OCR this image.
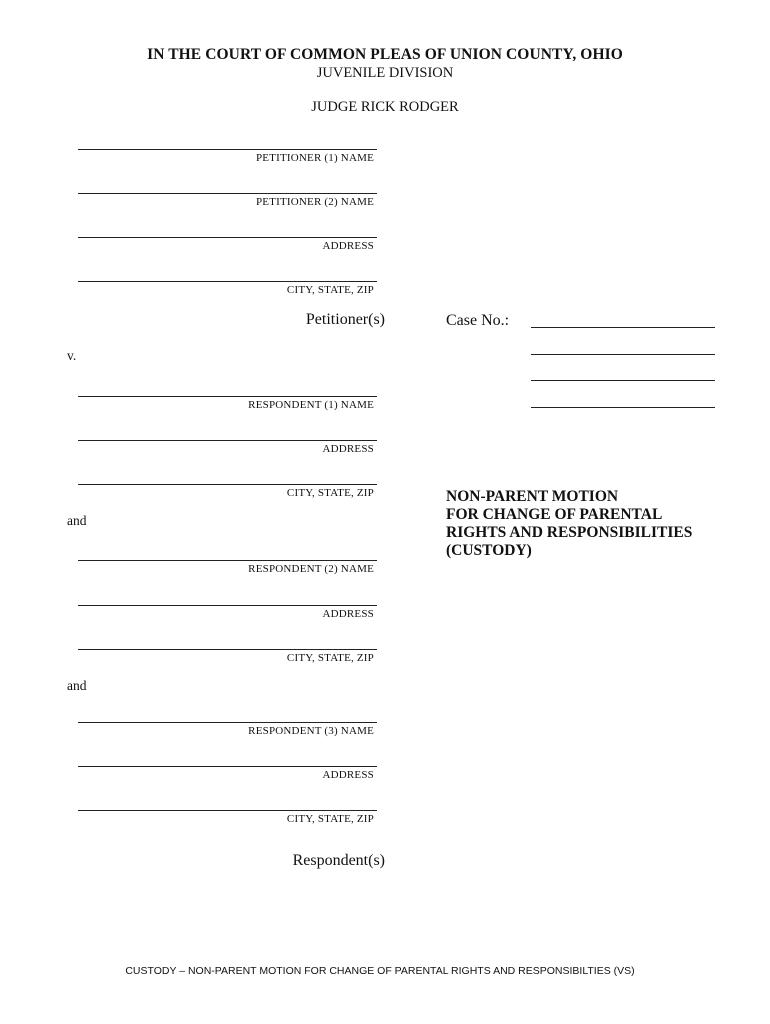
IN THE COURT OF COMMON PLEAS OF UNION COUNTY, OHIO
JUVENILE DIVISION
JUDGE RICK RODGER
PETITIONER (1) NAME
PETITIONER (2) NAME
ADDRESS
CITY, STATE, ZIP
Petitioner(s)	Case No.:
v.
RESPONDENT (1) NAME
ADDRESS
CITY, STATE, ZIP
and
NON-PARENT MOTION
FOR CHANGE OF PARENTAL
RIGHTS AND RESPONSIBILITIES
(CUSTODY)
RESPONDENT (2) NAME
ADDRESS
CITY, STATE, ZIP
and
RESPONDENT (3) NAME
ADDRESS
CITY, STATE, ZIP
Respondent(s)
CUSTODY – NON-PARENT MOTION FOR CHANGE OF PARENTAL RIGHTS AND RESPONSIBILTIES (VS)
